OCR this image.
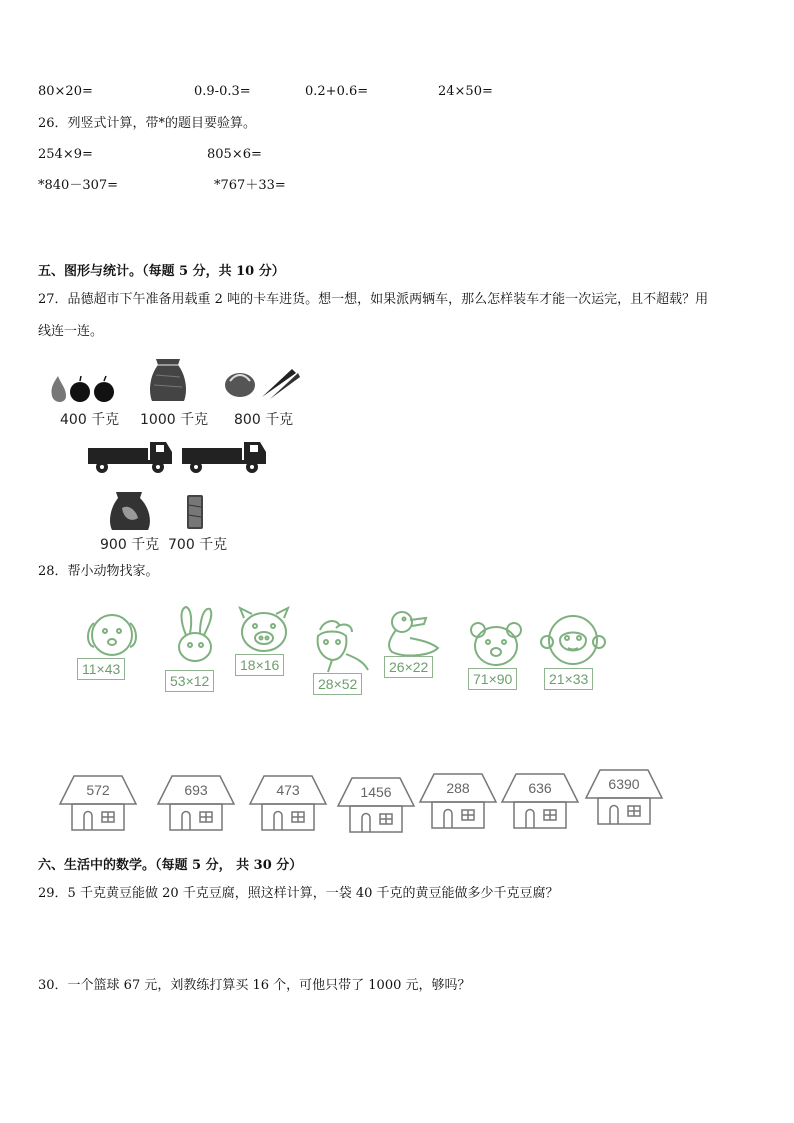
80×20=	0.9-0.3=	0.2+0.6=	24×50=
26．列竖式计算，带*的题目要验算。
254×9=	805×6=
*840－307=	*767＋33=
五、图形与统计。（每题 5 分，共 10 分）
27．品德超市下午准备用载重 2 吨的卡车进货。想一想，如果派两辆车，那么怎样装车才能一次运完，且不超载？用
线连一连。
400 千克 1000 千克 800 千克
900 千克 700 千克
28．帮小动物找家。
11×43
53×12
18×16
28×52
26×22
71×90	21×33
572	693	473	1456	288	636	6390
六、生活中的数学。（每题 5 分， 共 30 分）
29．5 千克黄豆能做 20 千克豆腐，照这样计算，一袋 40 千克的黄豆能做多少千克豆腐？
30．一个篮球 67 元，刘教练打算买 16 个，可他只带了 1000 元，够吗？
